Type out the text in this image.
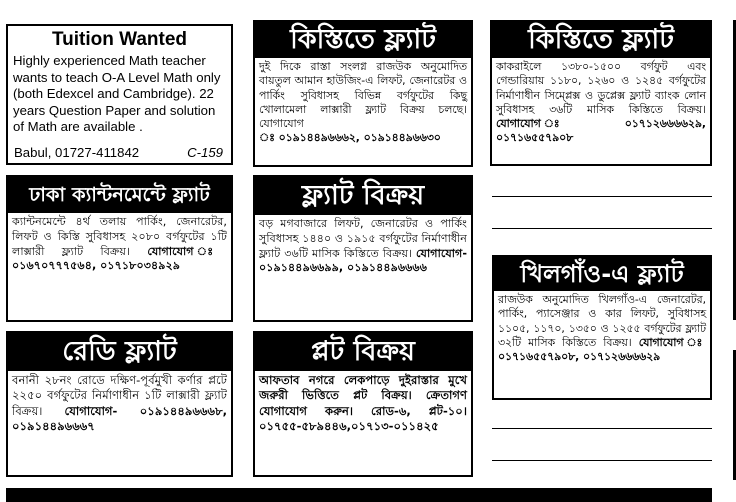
Tuition Wanted
Highly experienced Math teacher wants to teach O-A Level Math only (both Edexcel and Cambridge). 22 years Question Paper and solution of Math are available .
Babul, 01727-411842	C-159
কিস্তিতে ফ্ল্যাট
দুই দিকে রাস্তা সংলগ্ন রাজউক অনুমোদিত বায়তুল আমান হাউজিং-এ লিফট, জেনারেটর ও পার্কিং সুবিধাসহ বিভিন্ন বর্গফুটের কিছু খোলামেলা লাক্সারী ফ্ল্যাট বিক্রয় চলছে। যোগাযোগ
ঃ ০১৯১৪৪৯৬৬৬২, ০১৯১৪৪৯৬৬৩০
কিস্তিতে ফ্ল্যাট
কাকরাইলে ১৩৮০-১৫০০ বর্গফুট এবং গেন্ডারিয়ায় ১১৮০, ১২৬০ ও ১২৪৫ বর্গফুটের নির্মাণাধীন সিম্প্লেক্স ও ডুপ্লেক্স ফ্ল্যাট ব্যাংক লোন সুবিধাসহ ৩৬টি মাসিক কিস্তিতে বিক্রয়। যোগাযোগ ঃ ০১৭১২৬৬৬৬২৯, ০১৭১৬৫৫৭৯০৮
ঢাকা ক্যান্টনমেন্টে ফ্ল্যাট
ক্যান্টনমেন্টে ৪র্থ তলায় পার্কিং, জেনারেটর, লিফট ও কিস্তি সুবিধাসহ ২০৮০ বর্গফুটের ১টি লাক্সারী ফ্ল্যাট বিক্রয়। যোগাযোগ ঃ ০১৬৭০৭৭৭৫৬৪, ০১৭১৮০৩৪৯২৯
ফ্ল্যাট বিক্রয়
বড় মগবাজারে লিফট, জেনারেটর ও পার্কিং সুবিধাসহ ১৪৪০ ও ১৯১৫ বর্গফুটের নির্মাণাধীন ফ্ল্যাট ৩৬টি মাসিক কিস্তিতে বিক্রয়। যোগাযোগ- ০১৯১৪৪৯৬৬৯৯, ০১৯১৪৪৯৬৬৬৬	খিলগাঁও-এ ফ্ল্যাট
রাজউক অনুমোদিত খিলগাঁও-এ জেনারেটর, পার্কিং, প্যাসেঞ্জার ও কার লিফট, সুবিধাসহ ১১০৫, ১১৭০, ১৩৫০ ও ১২৫৫ বর্গফুটের ফ্ল্যাট ৩২টি মাসিক কিস্তিতে বিক্রয়। যোগাযোগ ঃ ০১৭১৬৫৫৭৯০৮, ০১৭১২৬৬৬৬২৯
রেডি ফ্ল্যাট
বনানী ২৮নং রোডে দক্ষিণ-পূর্বমুখী কর্ণার প্লটে ২২৫০ বর্গফুটের নির্মাণাধীন ১টি লাক্সারী ফ্ল্যাট বিক্রয়। যোগাযোগ- ০১৯১৪৪৯৬৬৬৮, ০১৯১৪৪৯৬৬৬৭
প্লট বিক্রয়
আফতাব নগরে লেকপাড়ে দুইরাস্তার মুখে জরুরী ভিত্তিতে প্লট বিক্রয়। ক্রেতাগণ যোগাযোগ করুন। রোড-৬, প্লট-১০। ০১৭৫৫-৫৮৯৪৪৬,০১৭১৩-০১১৪২৫
